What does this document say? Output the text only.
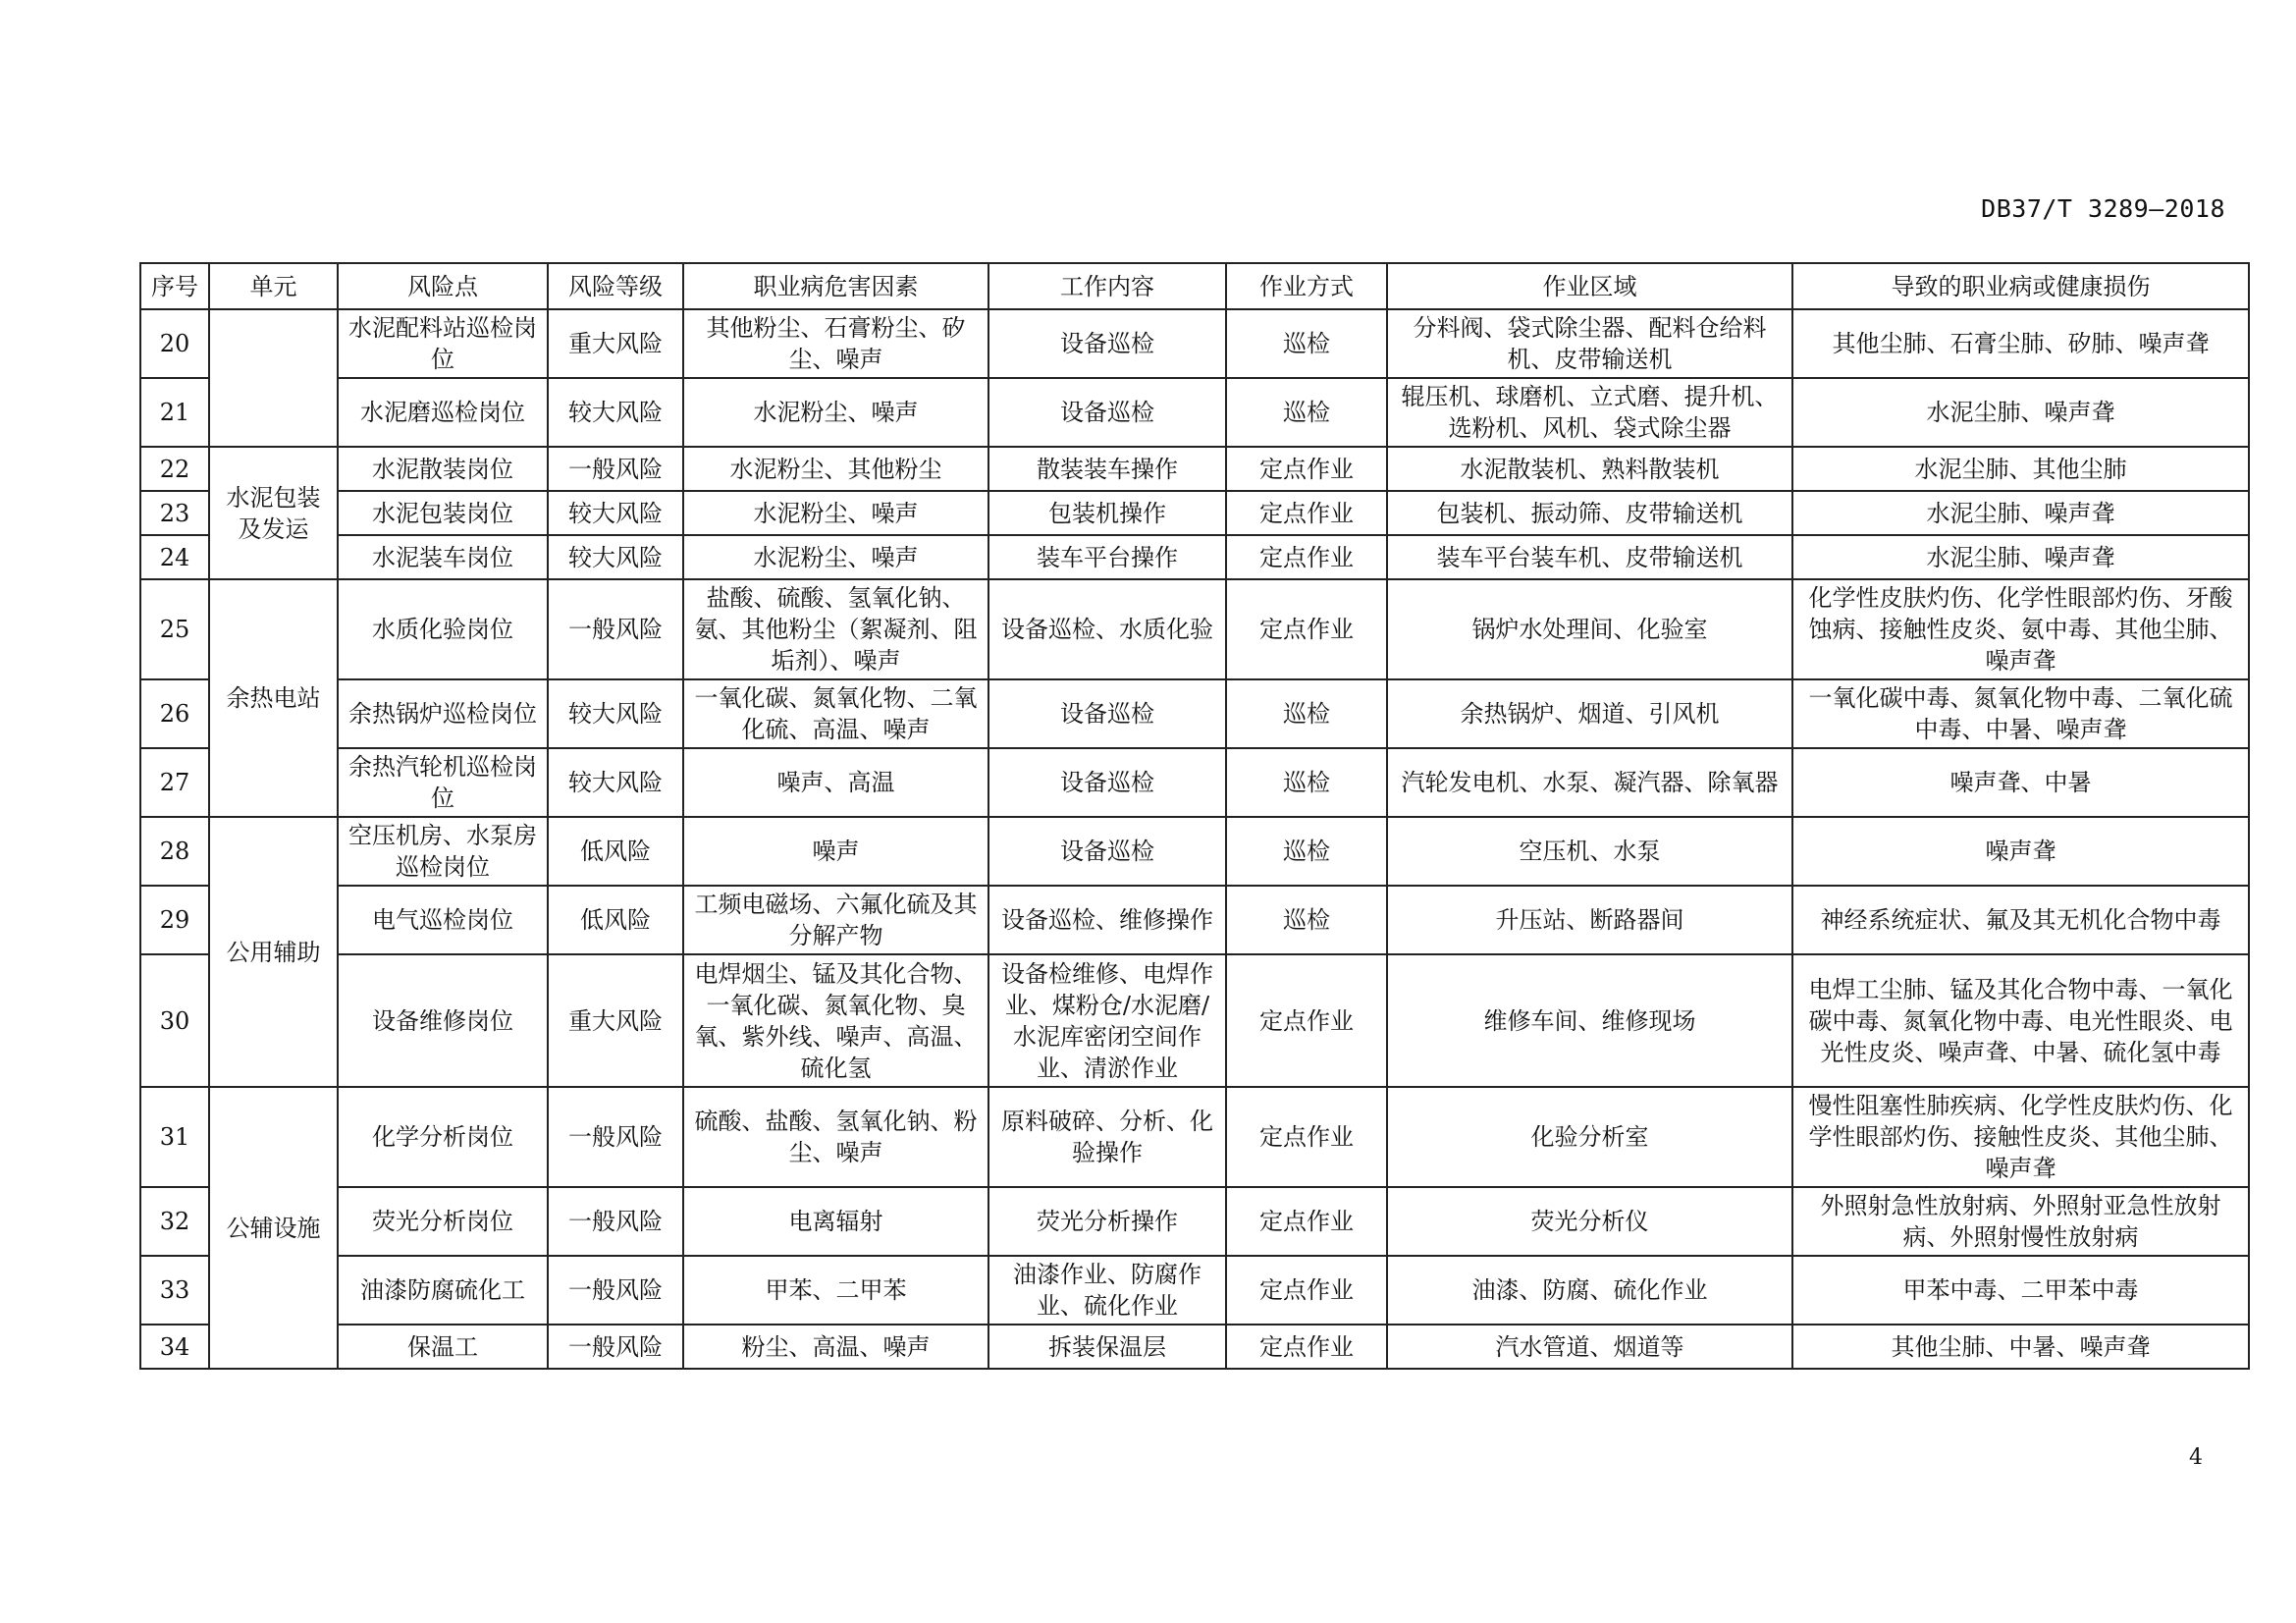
DB37/T 3289—2018
序号	单元	风险点	风险等级	职业病危害因素	工作内容	作业方式	作业区域	导致的职业病或健康损伤
20		水泥配料站巡检岗位	重大风险	其他粉尘、石膏粉尘、矽尘、噪声	设备巡检	巡检	分料阀、袋式除尘器、配料仓给料机、皮带输送机	其他尘肺、石膏尘肺、矽肺、噪声聋
21		水泥磨巡检岗位	较大风险	水泥粉尘、噪声	设备巡检	巡检	辊压机、球磨机、立式磨、提升机、选粉机、风机、袋式除尘器	水泥尘肺、噪声聋
22	水泥包装及发运	水泥散装岗位	一般风险	水泥粉尘、其他粉尘	散装装车操作	定点作业	水泥散装机、熟料散装机	水泥尘肺、其他尘肺
23		水泥包装岗位	较大风险	水泥粉尘、噪声	包装机操作	定点作业	包装机、振动筛、皮带输送机	水泥尘肺、噪声聋
24		水泥装车岗位	较大风险	水泥粉尘、噪声	装车平台操作	定点作业	装车平台装车机、皮带输送机	水泥尘肺、噪声聋
25	余热电站	水质化验岗位	一般风险	盐酸、硫酸、氢氧化钠、氨、其他粉尘（絮凝剂、阻垢剂）、噪声	设备巡检、水质化验	定点作业	锅炉水处理间、化验室	化学性皮肤灼伤、化学性眼部灼伤、牙酸蚀病、接触性皮炎、氨中毒、其他尘肺、噪声聋
26		余热锅炉巡检岗位	较大风险	一氧化碳、氮氧化物、二氧化硫、高温、噪声	设备巡检	巡检	余热锅炉、烟道、引风机	一氧化碳中毒、氮氧化物中毒、二氧化硫中毒、中暑、噪声聋
27		余热汽轮机巡检岗位	较大风险	噪声、高温	设备巡检	巡检	汽轮发电机、水泵、凝汽器、除氧器	噪声聋、中暑
28	公用辅助	空压机房、水泵房巡检岗位	低风险	噪声	设备巡检	巡检	空压机、水泵	噪声聋
29		电气巡检岗位	低风险	工频电磁场、六氟化硫及其分解产物	设备巡检、维修操作	巡检	升压站、断路器间	神经系统症状、氟及其无机化合物中毒
30		设备维修岗位	重大风险	电焊烟尘、锰及其化合物、一氧化碳、氮氧化物、臭氧、紫外线、噪声、高温、硫化氢	设备检维修、电焊作业、煤粉仓/水泥磨/水泥库密闭空间作业、清淤作业	定点作业	维修车间、维修现场	电焊工尘肺、锰及其化合物中毒、一氧化碳中毒、氮氧化物中毒、电光性眼炎、电光性皮炎、噪声聋、中暑、硫化氢中毒
31	公辅设施	化学分析岗位	一般风险	硫酸、盐酸、氢氧化钠、粉尘、噪声	原料破碎、分析、化验操作	定点作业	化验分析室	慢性阻塞性肺疾病、化学性皮肤灼伤、化学性眼部灼伤、接触性皮炎、其他尘肺、噪声聋
32		荧光分析岗位	一般风险	电离辐射	荧光分析操作	定点作业	荧光分析仪	外照射急性放射病、外照射亚急性放射病、外照射慢性放射病
33		油漆防腐硫化工	一般风险	甲苯、二甲苯	油漆作业、防腐作业、硫化作业	定点作业	油漆、防腐、硫化作业	甲苯中毒、二甲苯中毒
34		保温工	一般风险	粉尘、高温、噪声	拆装保温层	定点作业	汽水管道、烟道等	其他尘肺、中暑、噪声聋
4
